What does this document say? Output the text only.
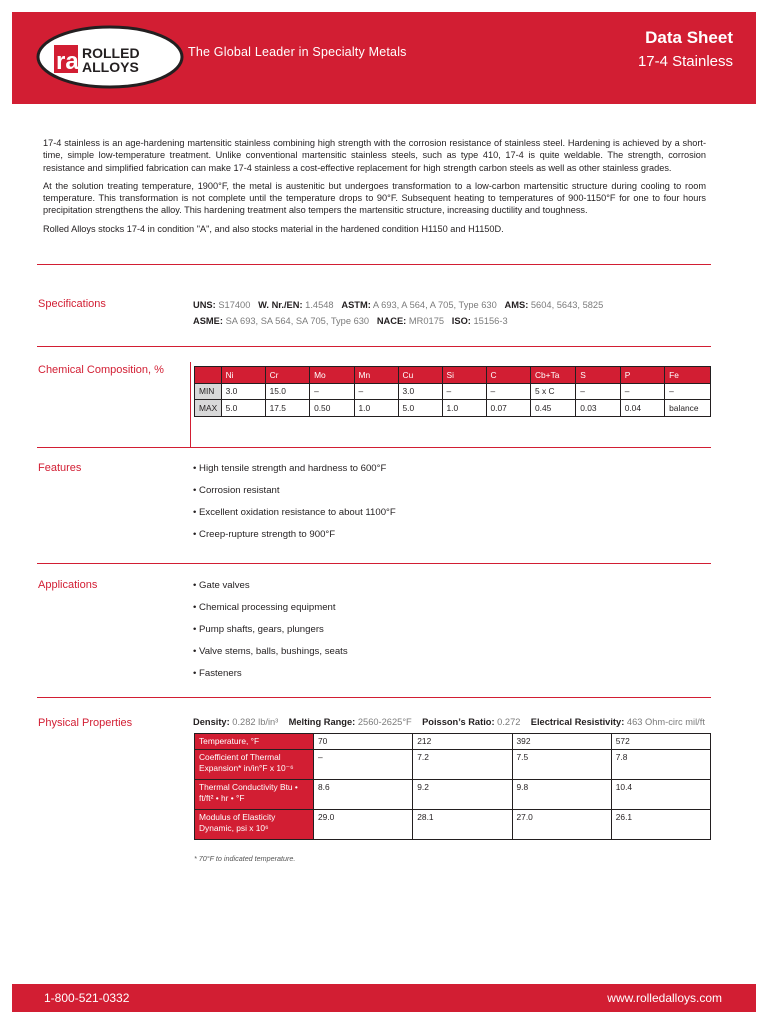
ra ROLLED
ALLOYS
The Global Leader in Specialty Metals
Data Sheet
17-4 Stainless

17-4 stainless is an age-hardening martensitic stainless combining high strength with the corrosion resistance of stainless steel. Hardening is achieved by a short-time, simple low-temperature treatment. Unlike conventional martensitic stainless steels, such as type 410, 17-4 is quite weldable. The strength, corrosion resistance and simplified fabrication can make 17-4 stainless a cost-effective replacement for high strength carbon steels as well as other stainless grades.

At the solution treating temperature, 1900°F, the metal is austenitic but undergoes transformation to a low-carbon martensitic structure during cooling to room temperature. This transformation is not complete until the temperature drops to 90°F. Subsequent heating to temperatures of 900-1150°F for one to four hours precipitation strengthens the alloy. This hardening treatment also tempers the martensitic structure, increasing ductility and toughness.

Rolled Alloys stocks 17-4 in condition "A", and also stocks material in the hardened condition H1150 and H1150D.

Specifications	UNS: S17400 W. Nr./EN: 1.4548 ASTM: A 693, A 564, A 705, Type 630 AMS: 5604, 5643, 5825
ASME: SA 693, SA 564, SA 705, Type 630 NACE: MR0175 ISO: 15156-3
Chemical Composition, %
		Ni	Cr	Mo	Mn	Cu	Si	C	Cb+Ta	S	P	Fe
MIN	3.0	15.0	–	–	3.0	–	–	5 x C	–	–	–
MAX	5.0	17.5	0.50	1.0	5.0	1.0	0.07	0.45	0.03	0.04	balance
Features	• High tensile strength and hardness to 600°F
• Corrosion resistant
• Excellent oxidation resistance to about 1100°F
• Creep-rupture strength to 900°F
Applications	• Gate valves
• Chemical processing equipment
• Pump shafts, gears, plungers
• Valve stems, balls, bushings, seats
• Fasteners
Physical Properties	Density: 0.282 lb/in³ Melting Range: 2560-2625°F Poisson’s Ratio: 0.272 Electrical Resistivity: 463 Ohm-circ mil/ft
Temperature, °F	70	212	392	572
Coefficient of Thermal Expansion* in/in°F x 10⁻⁶	–	7.2	7.5	7.8
Thermal Conductivity Btu • ft/ft² • hr • °F	8.6	9.2	9.8	10.4
Modulus of Elasticity Dynamic, psi x 10⁶	29.0	28.1	27.0	26.1
* 70°F to indicated temperature.
1-800-521-0332	www.rolledalloys.com
